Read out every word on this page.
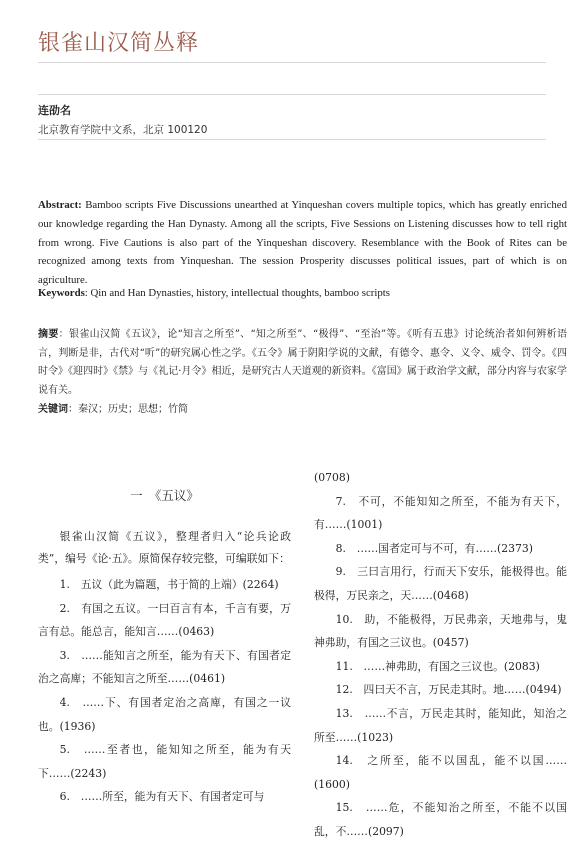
银雀山汉简丛释
连劭名
北京教育学院中文系，北京 100120
Abstract: Bamboo scripts Five Discussions unearthed at Yinqueshan covers multiple topics, which has greatly enriched our knowledge regarding the Han Dynasty. Among all the scripts, Five Sessions on Listening discusses how to tell right from wrong. Five Cautions is also part of the Yinqueshan discovery. Resemblance with the Book of Rites can be recognized among texts from Yinqueshan. The session Prosperity discusses political issues, part of which is on agriculture.
Keywords: Qin and Han Dynasties, history, intellectual thoughts, bamboo scripts
摘要：银雀山汉简《五议》，论“知言之所至”、“知之所至”、“极得”、“至治”等。《听有五患》讨论统治者如何辨析语言，判断是非，古代对“听”的研究属心性之学。《五令》属于阴阳学说的文献，有德令、惠令、义令、威令、罚令。《四时令》《迎四时》《禁》与《礼记·月令》相近，是研究古人天道观的新资料。《富国》属于政治学文献，部分内容与农家学说有关。
关键词：秦汉；历史；思想；竹简
一　《五议》

银雀山汉简《五议》，整理者归入“论兵论政类”，编号《论·五》。原简保存较完整，可编联如下：

1.　五议（此为篇题，书于简的上端）(2264)

2.　有国之五议。一曰百言有本，千言有要，万言有总。能总言，能知言……(0463)

3.　……能知言之所至，能为有天下、有国者定治之高庳；不能知言之所至……(0461)

4.　……下、有国者定治之高庳，有国之一议也。(1936)

5.　……至者也，能知知之所至，能为有天下……(2243)

6.　……所至，能为有天下、有国者定可与

(0708)

7.　不可，不能知知之所至，不能为有天下，有……(1001)

8.　……国者定可与不可，有……(2373)

9.　三曰言用行，行而天下安乐，能极得也。能极得，万民亲之，天……(0468)

10.　助，不能极得，万民弗亲，天地弗与，鬼神弗助，有国之三议也。(0457)

11.　……神弗助，有国之三议也。(2083)

12.　四曰天不言，万民走其时。地……(0494)

13.　……不言，万民走其时，能知此，知治之所至……(1023)

14.　之所至，能不以国乱，能不以国……(1600)

15.　……危，不能知治之所至，不能不以国乱，不……(2097)
